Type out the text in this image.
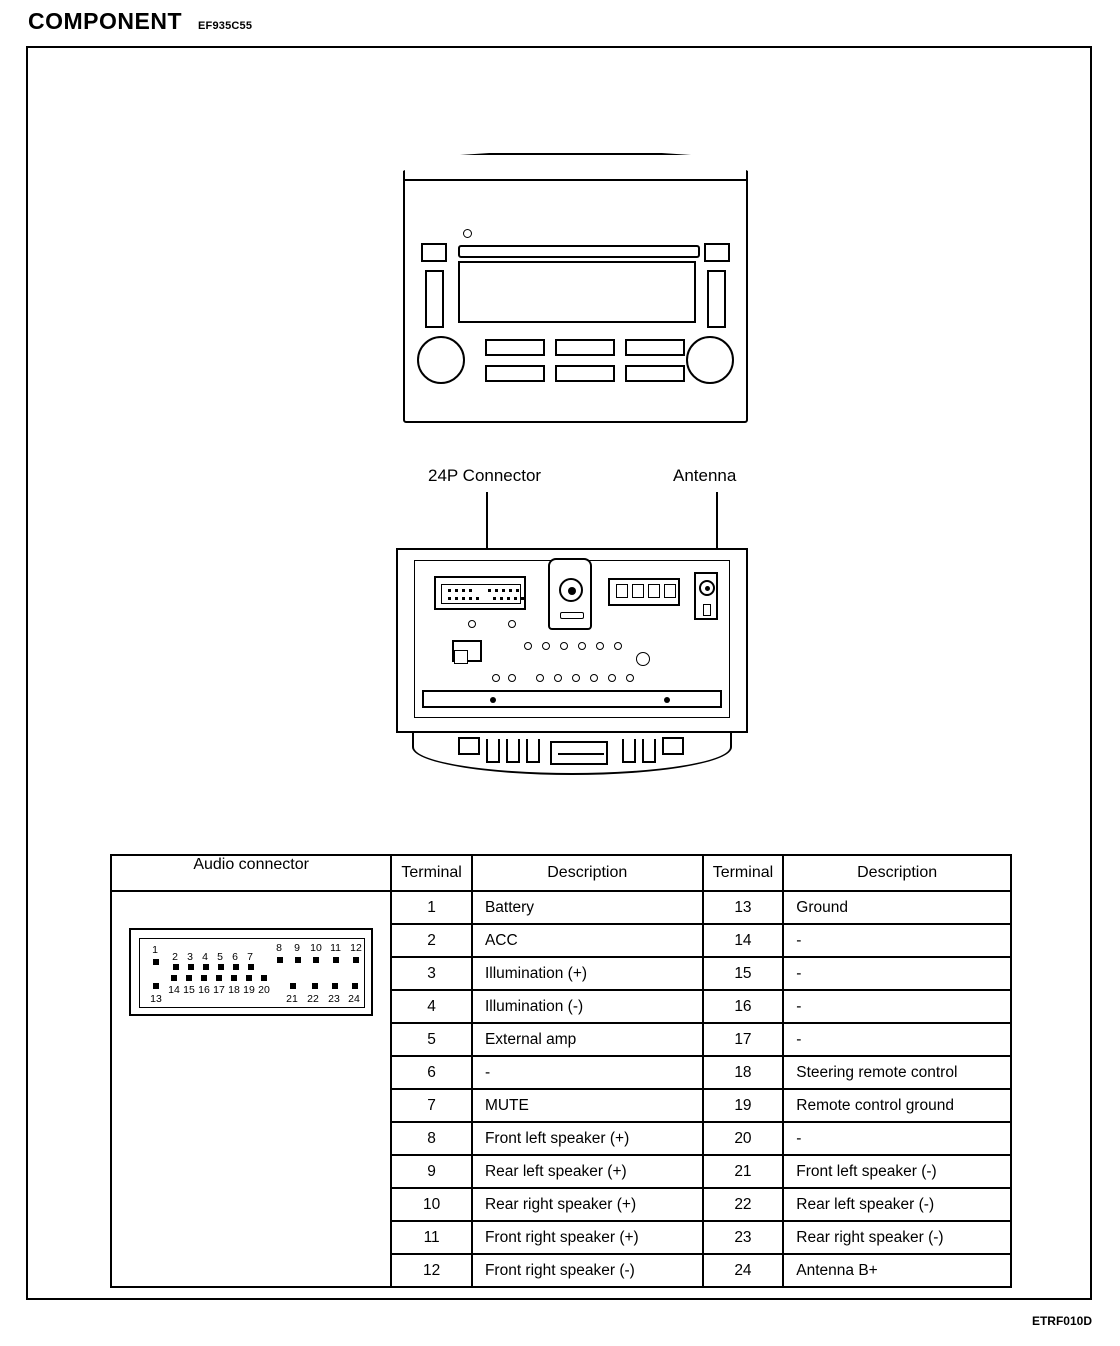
COMPONENT EF935C55
24P Connector	Antenna
Audio connector	Terminal	Description	Terminal	Description

1
2 3 4 5 6 7
8 9 10 11 12
13
14 15 16 17 18 19 20
21 22 23 24
	1	Battery	13	Ground
	2	ACC	14	-
	3	Illumination (+)	15	-
	4	Illumination (-)	16	-
	5	External amp	17	-
	6	-	18	Steering remote control
	7	MUTE	19	Remote control ground
	8	Front left speaker (+)	20	-
	9	Rear left speaker (+)	21	Front left speaker (-)
	10	Rear right speaker (+)	22	Rear left speaker (-)
	11	Front right speaker (+)	23	Rear right speaker (-)
	12	Front right speaker (-)	24	Antenna B+
ETRF010D
